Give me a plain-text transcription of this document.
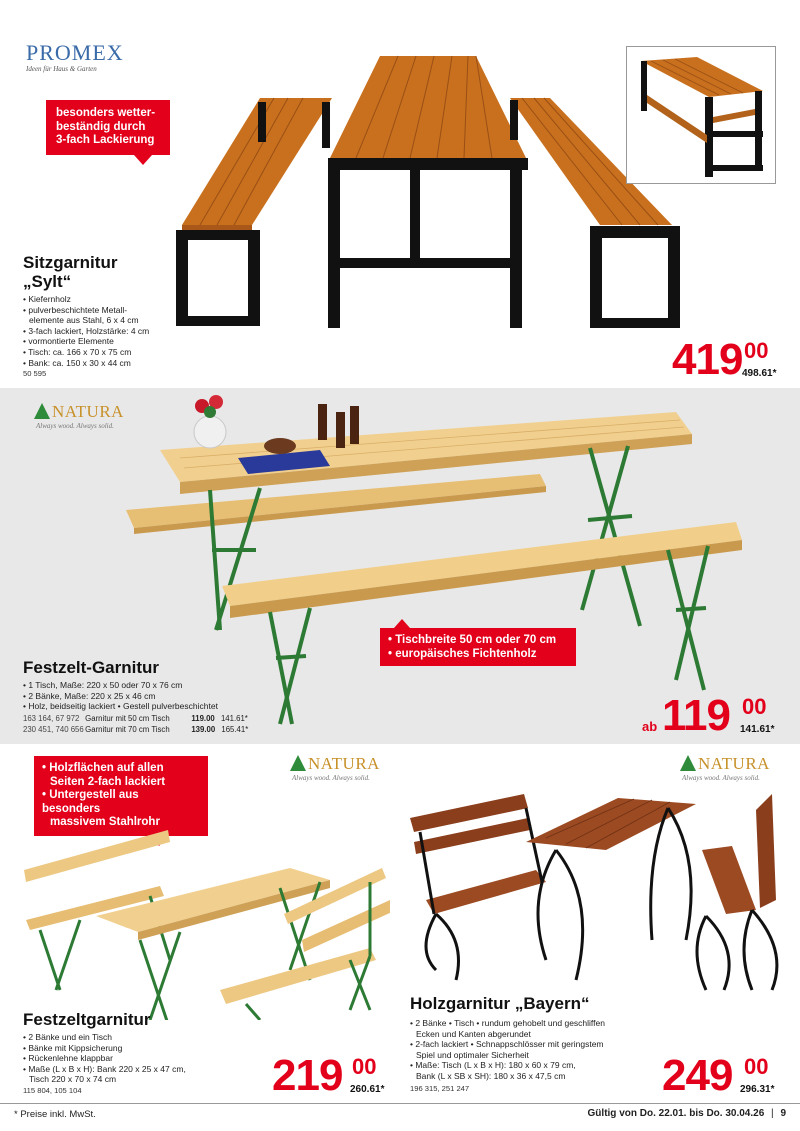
PROMEX
Ideen für Haus & Garten
besonders wetter-
beständig durch
3-fach Lackierung
Sitzgarnitur
„Sylt“
• Kiefernholz
• pulverbeschichtete Metall-
elemente aus Stahl, 6 x 4 cm
• 3-fach lackiert, Holzstärke: 4 cm
• vormontierte Elemente
• Tisch: ca. 166 x 70 x 75 cm
• Bank: ca. 150 x 30 x 44 cm
50 595	419 00
498.61*
NATURA
Always wood. Always solid.
• Tischbreite 50 cm oder 70 cm
• europäisches Fichtenholz
Festzelt-Garnitur
• 1 Tisch, Maße: 220 x 50 oder 70 x 76 cm
• 2 Bänke, Maße: 220 x 25 x 46 cm
• Holz, beidseitig lackiert • Gestell pulverbeschichtet
163 164, 67 972 Garnitur mit 50 cm Tisch	119.00 141.61*
230 451, 740 656 Garnitur mit 70 cm Tisch	139.00 165.41*	ab 119 00
141.61*
• Holzflächen auf allen
Seiten 2-fach lackiert
• Untergestell aus besonders
massivem Stahlrohr
NATURA
Always wood. Always solid.
Festzeltgarnitur
• 2 Bänke und ein Tisch
• Bänke mit Kippsicherung
• Rückenlehne klappbar
• Maße (L x B x H): Bank 220 x 25 x 47 cm,
Tisch 220 x 70 x 74 cm
115 804, 105 104	219 00
260.61*
NATURA
Always wood. Always solid.
Holzgarnitur „Bayern“
• 2 Bänke • Tisch • rundum gehobelt und geschliffen
Ecken und Kanten abgerundet
• 2-fach lackiert • Schnappschlösser mit geringstem
Spiel und optimaler Sicherheit
• Maße: Tisch (L x B x H): 180 x 60 x 79 cm,
Bank (L x SB x SH): 180 x 36 x 47,5 cm
196 315, 251 247	249 00
296.31*
* Preise inkl. MwSt.	Gültig von Do. 22.01. bis Do. 30.04.26 | 9
